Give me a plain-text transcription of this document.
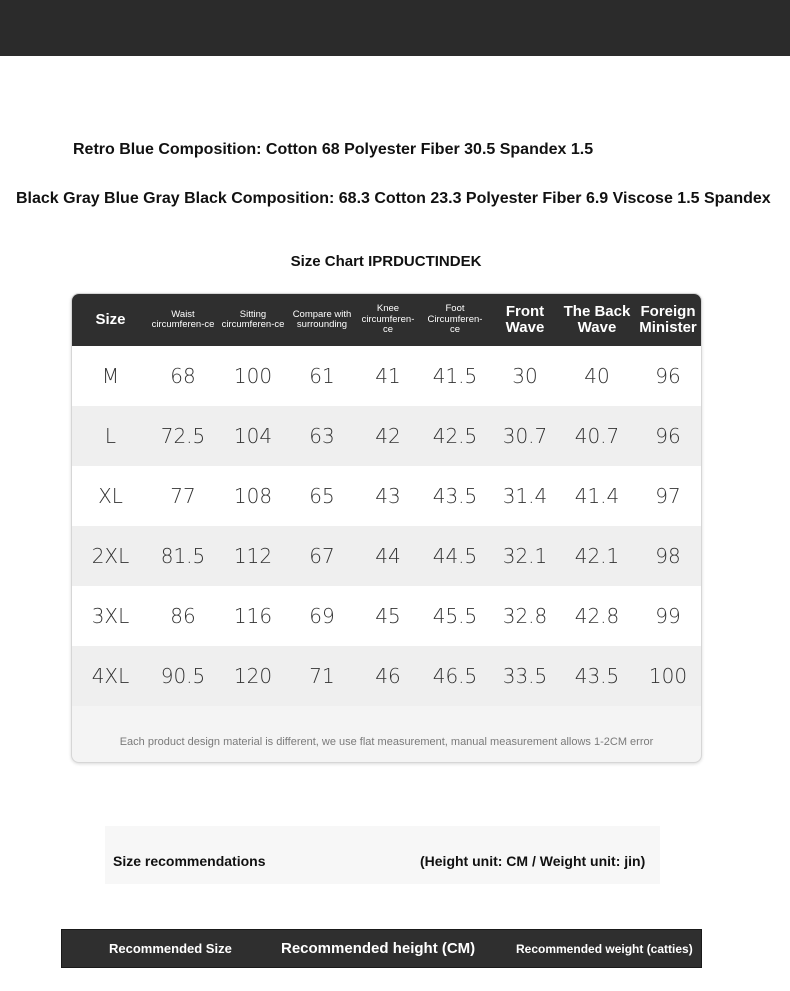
Retro Blue Composition: Cotton 68 Polyester Fiber 30.5 Spandex 1.5
Black Gray Blue Gray Black Composition: 68.3 Cotton 23.3 Polyester Fiber 6.9 Viscose 1.5 Spandex
Size Chart IPRDUCTINDEK
Size	Waist circumferen-ce	Sitting circumferen-ce	Compare with surrounding	Knee circumferen-ce	Foot Circumferen-ce	Front Wave	The Back Wave	Foreign Minister
M	68	100	61	41	41.5	30	40	96
L	72.5	104	63	42	42.5	30.7	40.7	96
XL	77	108	65	43	43.5	31.4	41.4	97
2XL	81.5	112	67	44	44.5	32.1	42.1	98
3XL	86	116	69	45	45.5	32.8	42.8	99
4XL	90.5	120	71	46	46.5	33.5	43.5	100
Each product design material is different, we use flat measurement, manual measurement allows 1-2CM error
Size recommendations	(Height unit: CM / Weight unit: jin)
Recommended Size	Recommended height (CM)	Recommended weight (catties)
